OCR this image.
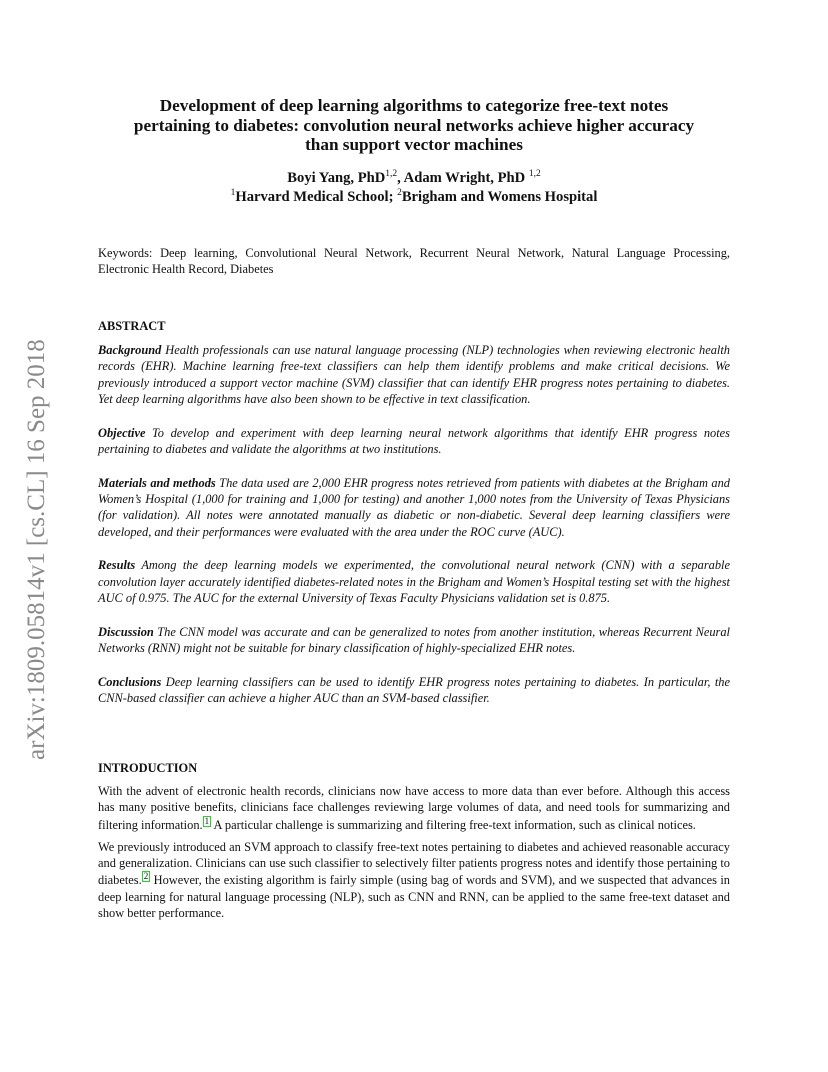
arXiv:1809.05814v1 [cs.CL] 16 Sep 2018
Development of deep learning algorithms to categorize free-text notes
pertaining to diabetes: convolution neural networks achieve higher accuracy
than support vector machines
Boyi Yang, PhD$^{1,2}$, Adam Wright, PhD $^{1,2}$
$^1$Harvard Medical School; $^2$Brigham and Womens Hospital

Keywords: Deep learning, Convolutional Neural Network, Recurrent Neural Network, Natural Language Processing, Electronic Health Record, Diabetes

ABSTRACT

Background Health professionals can use natural language processing (NLP) technologies when reviewing electronic health records (EHR). Machine learning free-text classifiers can help them identify problems and make critical decisions. We previously introduced a support vector machine (SVM) classifier that can identify EHR progress notes pertaining to diabetes. Yet deep learning algorithms have also been shown to be effective in text classification.

Objective To develop and experiment with deep learning neural network algorithms that identify EHR progress notes pertaining to diabetes and validate the algorithms at two institutions.

Materials and methods The data used are 2,000 EHR progress notes retrieved from patients with diabetes at the Brigham and Women’s Hospital (1,000 for training and 1,000 for testing) and another 1,000 notes from the University of Texas Physicians (for validation). All notes were annotated manually as diabetic or non-diabetic. Several deep learning classifiers were developed, and their performances were evaluated with the area under the ROC curve (AUC).

Results Among the deep learning models we experimented, the convolutional neural network (CNN) with a separable convolution layer accurately identified diabetes-related notes in the Brigham and Women’s Hospital testing set with the highest AUC of 0.975. The AUC for the external University of Texas Faculty Physicians validation set is 0.875.

Discussion The CNN model was accurate and can be generalized to notes from another institution, whereas Recurrent Neural Networks (RNN) might not be suitable for binary classification of highly-specialized EHR notes.

Conclusions Deep learning classifiers can be used to identify EHR progress notes pertaining to diabetes. In particular, the CNN-based classifier can achieve a higher AUC than an SVM-based classifier.

INTRODUCTION

With the advent of electronic health records, clinicians now have access to more data than ever before. Although this access has many positive benefits, clinicians face challenges reviewing large volumes of data, and need tools for summarizing and filtering information. 1 A particular challenge is summarizing and filtering free-text information, such as clinical notices.

We previously introduced an SVM approach to classify free-text notes pertaining to diabetes and achieved reasonable accuracy and generalization. Clinicians can use such classifier to selectively filter patients progress notes and identify those pertaining to diabetes. 2 However, the existing algorithm is fairly simple (using bag of words and SVM), and we suspected that advances in deep learning for natural language processing (NLP), such as CNN and RNN, can be applied to the same free-text dataset and show better performance.
